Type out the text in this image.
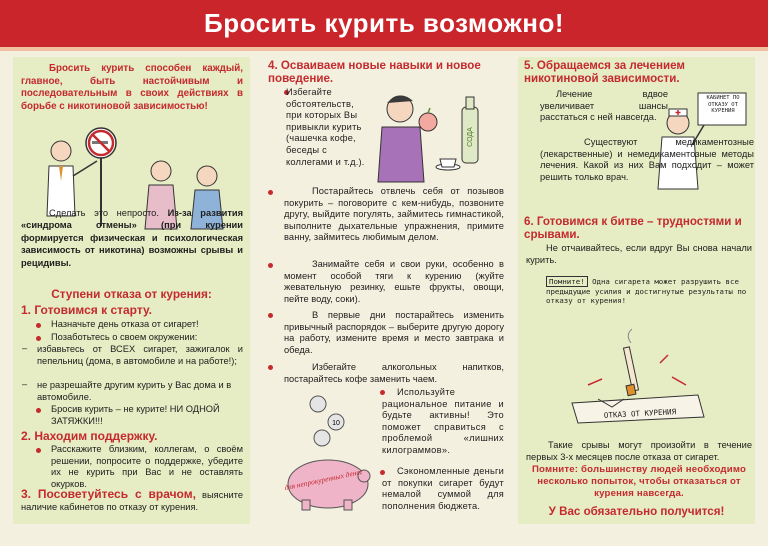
Бросить курить возможно!
Бросить курить способен каждый, главное, быть настойчивым и последовательным в своих действиях в борьбе с никотиновой зависимостью!
Сделать это непросто. Из-за развития «синдрома отмены» (при курении формируется физическая и психологическая зависимость от никотина) возможны срывы и рецидивы.
Ступени отказа от курения:
1. Готовимся к старту.
Назначьте день отказа от сигарет!
Позаботьтесь о своем окружении:
– избавьтесь от ВСЕХ сигарет, зажигалок и пепельниц (дома, в автомобиле и на работе!);
– не разрешайте другим курить у Вас дома и в автомобиле.
Бросив курить – не курите! НИ ОДНОЙ ЗАТЯЖКИ!!!
2. Находим поддержку.
Расскажите близким, коллегам, о своём решении, попросите о поддержке, убедите их не курить при Вас и не оставлять окурков.
3. Посоветуйтесь с врачом, выясните наличие кабинетов по отказу от курения.
4. Осваиваем новые навыки и новое поведение.
Избегайте обстоятельств, при которых Вы привыкли курить (чашечка кофе, беседы с коллегами и т.д.).
СОДА
Постарайтесь отвлечь себя от позывов покурить – поговорите с кем-нибудь, позвоните другу, выйдите погулять, займитесь гимнастикой, выполните дыхательные упражнения, примите ванну, займитесь любимым делом.
Занимайте себя и свои руки, особенно в момент особой тяги к курению (жуйте жевательную резинку, ешьте фрукты, овощи, пейте воду, соки).
В первые дни постарайтесь изменить привычный распорядок – выберите другую дорогу на работу, измените время и место завтрака и обеда.
Избегайте алкогольных напитков, постарайтесь кофе заменить чаем.
10
для непрокуренных денег
Используйте рациональное питание и будьте активны! Это поможет справиться с проблемой «лишних килограммов».
Сэкономленные деньги от покупки сигарет будут немалой суммой для пополнения бюджета.
5. Обращаемся за лечением никотиновой зависимости.
КАБИНЕТ ПО ОТКАЗУ ОТ КУРЕНИЯ
Лечение вдвое увеличивает шансы расстаться с ней навсегда.
Существуют медикаментозные (лекарственные) и немедикаментозные методы лечения. Какой из них Вам подходит – может решить только врач.
6. Готовимся к битве – трудностями и срывами.
Не отчаивайтесь, если вдруг Вы снова начали курить.
Помните! Одна сигарета может разрушить все предыдущие усилия и достигнутые результаты по отказу от курения!
ОТКАЗ ОТ КУРЕНИЯ
Такие срывы могут произойти в течение первых 3-х месяцев после отказа от сигарет.
Помните: большинству людей необходимо несколько попыток, чтобы отказаться от курения навсегда.
У Вас обязательно получится!
